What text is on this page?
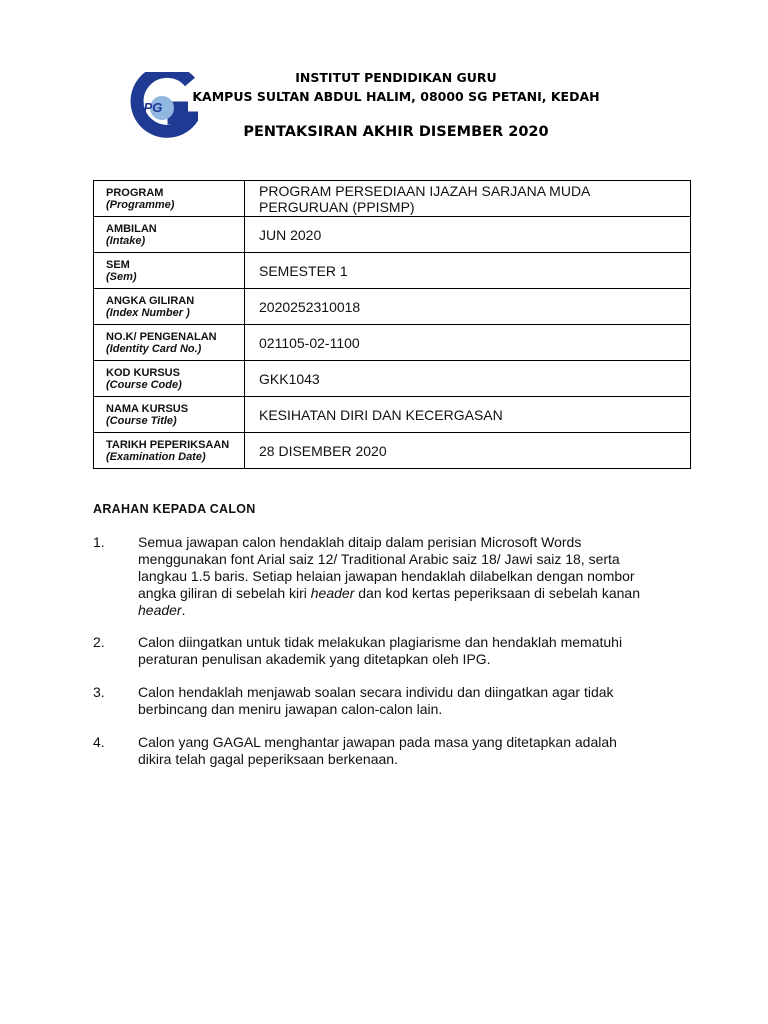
iPG
INSTITUT PENDIDIKAN GURU
KAMPUS SULTAN ABDUL HALIM, 08000 SG PETANI, KEDAH
PENTAKSIRAN AKHIR DISEMBER 2020
PROGRAM
(Programme)	PROGRAM PERSEDIAAN IJAZAH SARJANA MUDA
PERGURUAN (PPISMP)

AMBILAN
(Intake)	JUN 2020

SEM
(Sem)	SEMESTER 1

ANGKA GILIRAN
(Index Number )	2020252310018

NO.K/ PENGENALAN
(Identity Card No.)	021105-02-1100

KOD KURSUS
(Course Code)	GKK1043

NAMA KURSUS
(Course Title)	KESIHATAN DIRI DAN KECERGASAN

TARIKH PEPERIKSAAN
(Examination Date)	28 DISEMBER 2020
ARAHAN KEPADA CALON
1. Semua jawapan calon hendaklah ditaip dalam perisian Microsoft Words
menggunakan font Arial saiz 12/ Traditional Arabic saiz 18/ Jawi saiz 18, serta
langkau 1.5 baris. Setiap helaian jawapan hendaklah dilabelkan dengan nombor
angka giliran di sebelah kiri header dan kod kertas peperiksaan di sebelah kanan
header.
2. Calon diingatkan untuk tidak melakukan plagiarisme dan hendaklah mematuhi
peraturan penulisan akademik yang ditetapkan oleh IPG.
3. Calon hendaklah menjawab soalan secara individu dan diingatkan agar tidak
berbincang dan meniru jawapan calon-calon lain.
4. Calon yang GAGAL menghantar jawapan pada masa yang ditetapkan adalah
dikira telah gagal peperiksaan berkenaan.
